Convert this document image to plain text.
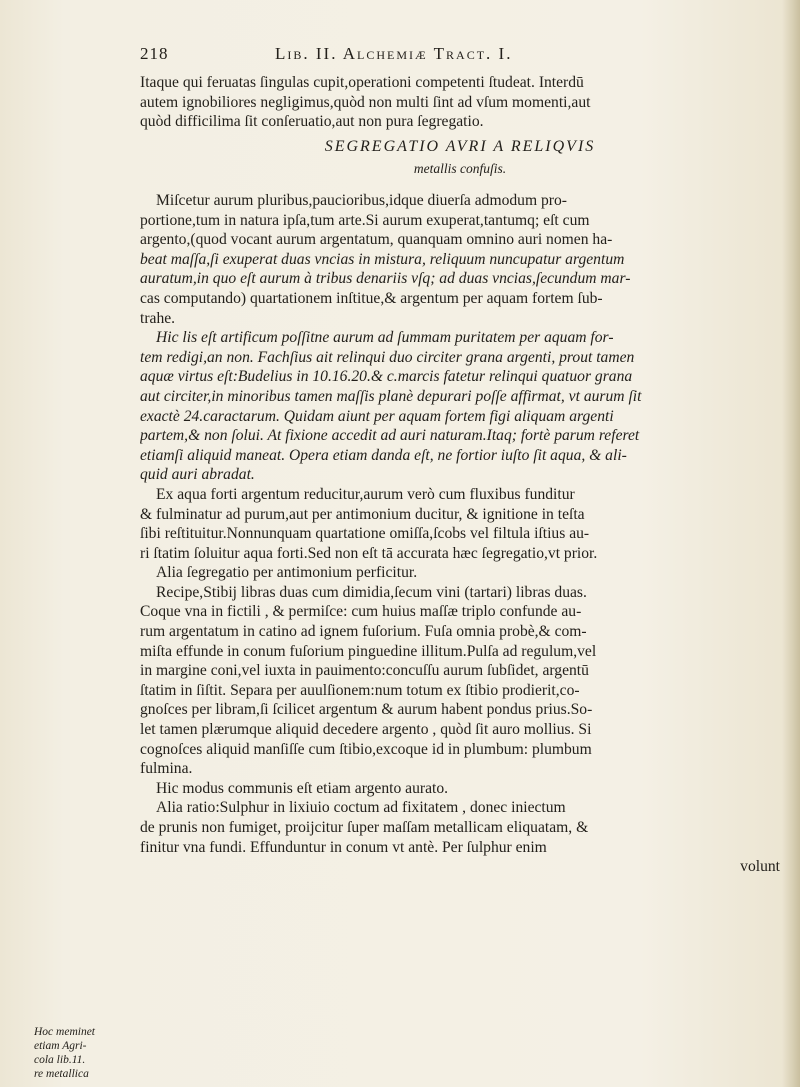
218	Lib. II. Alchemiæ Tract. I.
Itaque qui feruatas ſingulas cupit,operationi competenti ſtudeat. Interdū
autem ignobiliores negligimus,quòd non multi ſint ad vſum momenti,aut
quòd difficilima ſit conſeruatio,aut non pura ſegregatio.
SEGREGATIO AVRI A RELIQVIS
metallis confuſis.
Miſcetur aurum pluribus,paucioribus,idque diuerſa admodum pro-
portione,tum in natura ipſa,tum arte.Si aurum exuperat,tantumq; eſt cum
argento,(quod vocant aurum argentatum, quanquam omnino auri nomen ha-
beat maſſa,ſi exuperat duas vncias in mistura, reliquum nuncupatur argentum
auratum,in quo eſt aurum à tribus denariis vſq; ad duas vncias,ſecundum mar-
cas computando) quartationem inſtitue,& argentum per aquam fortem ſub-
trahe.
Hic lis eſt artificum poſſitne aurum ad ſummam puritatem per aquam for-
tem redigi,an non. Fachſius ait relinqui duo circiter grana argenti, prout tamen
aquæ virtus eſt:Budelius in 10.16.20.& c.marcis fatetur relinqui quatuor grana
aut circiter,in minoribus tamen maſſis planè depurari poſſe affirmat, vt aurum ſit
exactè 24.caractarum. Quidam aiunt per aquam fortem figi aliquam argenti
partem,& non ſolui. At fixione accedit ad auri naturam.Itaq; fortè parum referet
etiamſi aliquid maneat. Opera etiam danda eſt, ne fortior iuſto ſit aqua, & ali-
quid auri abradat.
Ex aqua forti argentum reducitur,aurum verò cum fluxibus funditur
& fulminatur ad purum,aut per antimonium ducitur, & ignitione in teſta
ſibi reſtituitur.Nonnunquam quartatione omiſſa,ſcobs vel filtula iſtius au-
ri ſtatim ſoluitur aqua forti.Sed non eſt tā accurata hæc ſegregatio,vt prior.
Alia ſegregatio per antimonium perficitur.
Recipe,Stibij libras duas cum dimidia,ſecum vini (tartari) libras duas.
Coque vna in fictili , & permiſce: cum huius maſſæ triplo confunde au-
rum argentatum in catino ad ignem fuſorium. Fuſa omnia probè,& com-
miſta effunde in conum fuſorium pinguedine illitum.Pulſa ad regulum,vel
in margine coni,vel iuxta in pauimento:concuſſu aurum ſubſidet, argentū
ſtatim in ſiſtit. Separa per auulſionem:num totum ex ſtibio prodierit,co-
gnoſces per libram,ſi ſcilicet argentum & aurum habent pondus prius.So-
let tamen plærumque aliquid decedere argento , quòd ſit auro mollius. Si
cognoſces aliquid manſiſſe cum ſtibio,excoque id in plumbum: plumbum
fulmina.
Hic modus communis eſt etiam argento aurato.
Alia ratio:Sulphur in lixiuio coctum ad fixitatem , donec iniectum
de prunis non fumiget, proijcitur ſuper maſſam metallicam eliquatam, &
finitur vna fundi. Effunduntur in conum vt antè. Per ſulphur enim
volunt
Hoc meminet
etiam Agri-
cola lib.11.
re metallica
